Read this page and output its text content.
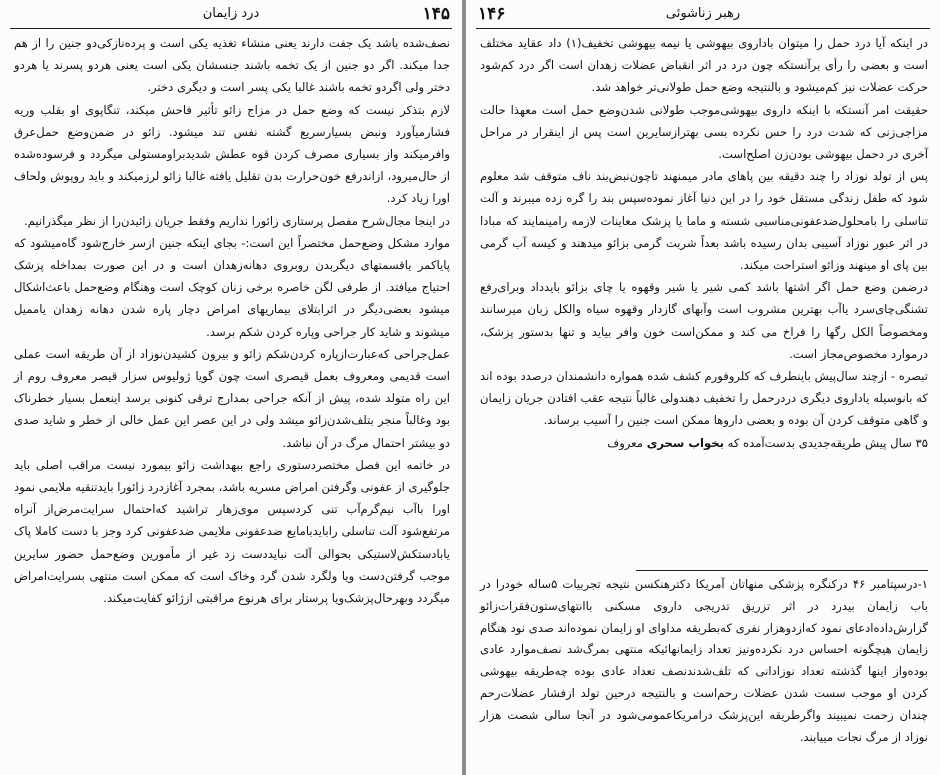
۱۴۵
درد زایمان

نصف‌شده باشد یک جفت دارند یعنی منشاء تغذیه یکی است و پرده‌نازکی‌دو جنین را از هم جدا میکند. اگر دو جنین از یک تخمه باشند جنسشان یکی است یعنی هردو پسرند یا هردو دختر ولی اگردو تخمه باشند غالبا یکی پسر است و دیگری دختر.

لازم بتذکر نیست که وضع حمل در مزاج زائو تأثیر فاحش میکند، تنگاپوی او بقلب وریه فشارمیآورد ونبض بسیارسریع گشته نفس تند میشود. زائو در ضمن‌وضع حمل‌عرق وافرمیکند واز بسیاری مصرف کردن قوه عطش شدیدبراومستولی میگردد و فرسوده‌شده از حال‌میرود، ازاندرفع خون‌حرارت بدن تقلیل یافته غالبا زائو لرزمیکند و باید روپوش ولحاف اورا زیاد کرد.

در اینجا مجال‌شرح مفصل پرستاری زائورا نداریم وفقط جریان زائیدن‌را از نظر میگذرانیم.

موارد مشکل وضع‌حمل مختصراً این است:- بجای اینکه جنین ازسر خارج‌شود گاه‌میشود که پایاکمر یاقسمتهای دیگربدن روبروی دهانه‌زهدان است و در این صورت بمداخله پزشک احتیاج میافتد. از طرفی لگن خاصره برخی زنان کوچک است وهنگام وضع‌حمل باعث‌اشکال میشود بعضی‌دیگر در اثرابتلای بیماریهای امراض دچار پاره شدن دهانه زهدان یاممیل میشوند و شاید کار جراحی وپاره کردن شکم برسد.

عمل‌جراحی که‌عبارت‌ازپاره کردن‌شکم زائو و بیرون کشیدن‌نوزاد از آن طریقه است عملی است قدیمی ومعروف بعمل قیصری است چون گویا ژولیوس سزار قیصر معروف روم از این راه متولد شده، پیش از آنکه جراحی بمدارج ترقی کنونی برسد اینعمل بسیار خطرناک بود وغالباً منجر بتلف‌شدن‌زائو میشد ولی در این عصر این عمل خالی از خطر و شاید صدی دو بیشتر احتمال مرگ در آن نباشد.

در خاتمه این فصل مختصردستوری راجع ببهداشت زائو بیمورد نیست مراقب اصلی باید جلوگیری از عفونی وگرفتن امراض مسریه باشد، بمجرد آغازدرد زائورا بایدتنقیه ملایمی نمود اورا باآب نیم‌گرم‌آب تنی کردسپس موی‌زهار تراشید که‌احتمال سرایت‌مرض‌از آنراه مرتفع‌شود آلت تناسلی رابایدبامایع ضدعفونی ملایمی ضدعفونی کرد وجز با دست کاملا پاک یاباد‌ستکش‌لاستیکی بحوالی آلت نبایددست زد غیر از مأمورین وضع‌حمل حضور سایرین موجب گرفتن‌دست ویا ولگرد شدن گرد وخاک است که ممکن است منتهی بسرایت‌امراض میگردد وبهرحال‌پزشک‌ویا پرستار برای هرنوع مراقبتی ازژائو کفایت‌میکند.

۱۴۶	رهبر زناشوئی

در اینکه آیا درد حمل را میتوان باداروی بیهوشی یا نیمه بیهوشی تخفیف(۱) داد عقاید مختلف است و بعضی را رأی برآنستکه چون درد در اثر انقباض عضلات زهدان است اگر درد کم‌شود حرکت عضلات نیز کم‌میشود و بالنتیجه وضع حمل طولانی‌تر خواهد شد.

حقیقت امر آنستکه با اینکه داروی بیهوشی‌موجب طولانی شدن‌وضع حمل است معهذا حالت مزاجی‌زنی که شدت درد را حس نکرده بسی بهترازسایرین است پس از اینقرار در مراحل آخری در دحمل بیهوشی بودن‌زن اصلح‌است.

پس از تولد نوزاد را چند دقیقه بین پاهای مادر میمنهند تاچون‌نبض‌بند ناف متوقف شد معلوم شود که طفل زندگی مستقل خود را در این دنیا آغاز نموده‌سپس بند را گره زده میبرند و آلت تناسلی را بامحلول‌ضدعفونی‌مناسبی شسته و ماما یا پزشک معاینات لازمه رامینمایند که مبادا در اثر عبور نوزاد آسیبی بدان رسیده باشد بعداً شربت گرمی بزائو میدهند و کیسه آب گرمی بین پای او مینهند وزائو استراحت میکند.

درضمن وضع حمل اگر اشتها باشد کمی شیر یا شیر وقهوه یا چای بزائو بایدداد وبرای‌رفع تشنگی‌چای‌سرد یاآب بهترین مشروب است وآبهای گازدار وقهوه سیاه والکل زبان میرسانند ومخصوصاً الکل رگها را فراخ می کند و ممکن‌است خون وافر بیاید و تنها بدستور پزشک‌، درموارد مخصوص‌مجاز است.

تبصره - ازچند سال‌پیش باینطرف که کلروفورم کشف شده همواره دانشمندان درصدد بوده اند که بانوسیله یاداروی دیگری دردرحمل را تخفیف دهندولی غالباً نتیجه عقب افتادن جریان زایمان و گاهی متوقف کردن آن بوده و بعضی دارو‌ها ممکن است جنین را آسیب برساند.

۳۵ سال پیش طریقه‌جدیدی بدست‌آمده که بخواب سحری معروف

۱-درسپتامبر ۴۶ درکنگره پزشکی منهاتان آمریکا دکترهنکسن نتیجه تجربیات ۵ساله خودرا در باب زایمان بیدرد در اثر تزریق تدریجی داروی مسکنی باانتهای‌ستون‌فقرات‌زائو گزارش‌داده‌ادعای نمود که‌ازدوهزار نفری که‌بطریقه مداوای او زایمان نموده‌اند صدی نود هنگام زایمان هیچگونه احساس درد نکرده‌ونیز تعداد زایمانهائیکه منتهی بمرگ‌شد نصف‌موارد عادی بوده‌واز اینها گذشته تعداد نوزادانی که تلف‌شدند‌نصف تعداد عادی بوده‌ چه‌طریقه بیهوشی کردن او موجب سست شدن عضلات رحم‌است و بالنتیجه درحین تولد ازفشار عضلات‌رحم چندان زحمت نمیبیند واگرطریقه این‌پزشک درامریکاعمومی‌شود در آنجا سالی شصت هزار نوزاد از مرگ نجات مییابند.
